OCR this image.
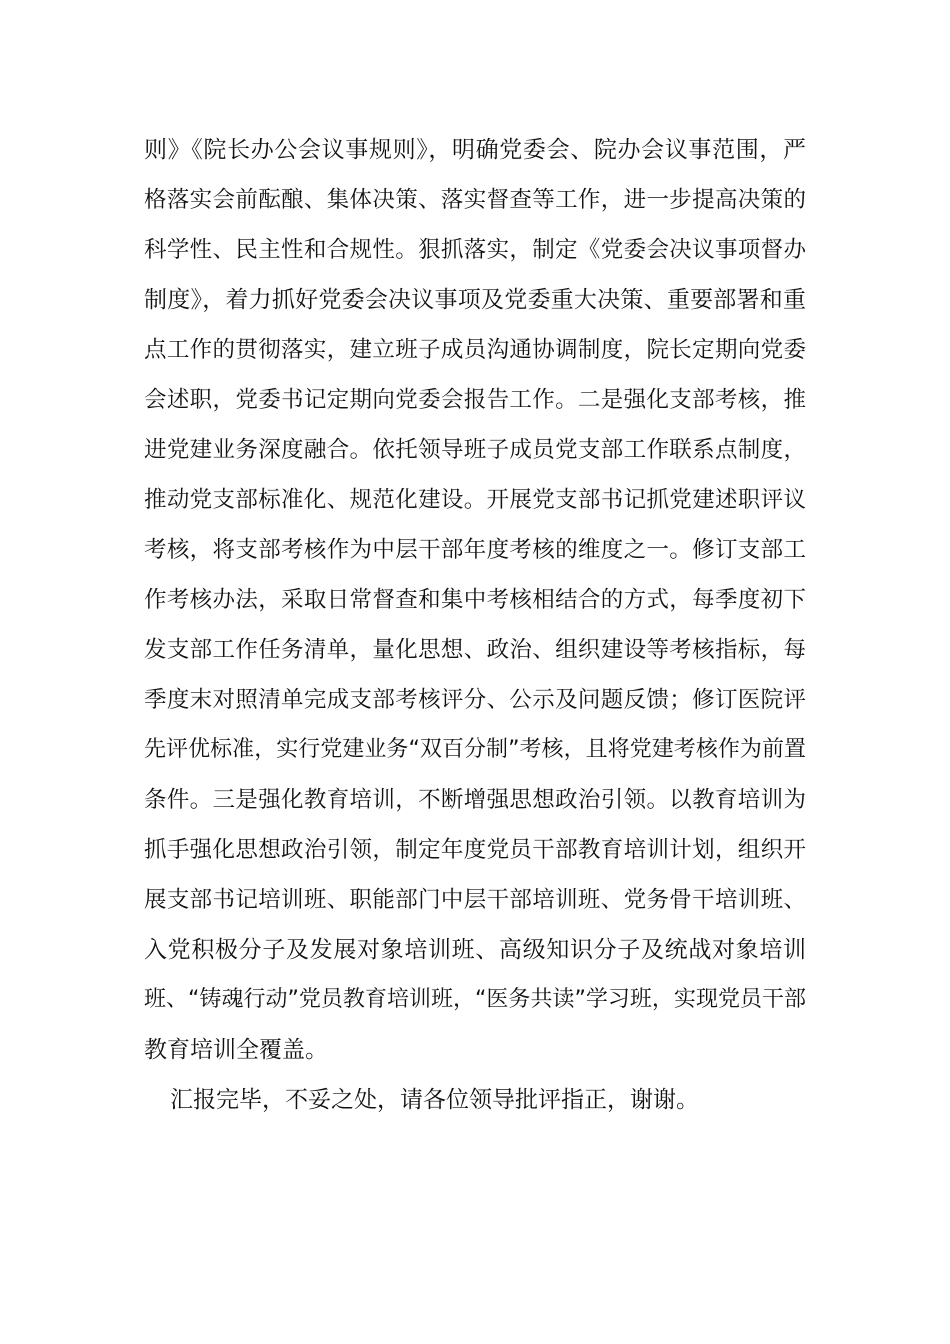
则》《院长办公会议事规则》，明确党委会、院办会议事范围，严
格落实会前酝酿、集体决策、落实督查等工作，进一步提高决策的
科学性、民主性和合规性。狠抓落实，制定《党委会决议事项督办
制度》，着力抓好党委会决议事项及党委重大决策、重要部署和重
点工作的贯彻落实，建立班子成员沟通协调制度，院长定期向党委
会述职，党委书记定期向党委会报告工作。二是强化支部考核，推
进党建业务深度融合。依托领导班子成员党支部工作联系点制度，
推动党支部标准化、规范化建设。开展党支部书记抓党建述职评议
考核，将支部考核作为中层干部年度考核的维度之一。修订支部工
作考核办法，采取日常督查和集中考核相结合的方式，每季度初下
发支部工作任务清单，量化思想、政治、组织建设等考核指标，每
季度末对照清单完成支部考核评分、公示及问题反馈；修订医院评
先评优标准，实行党建业务“双百分制”考核，且将党建考核作为前置
条件。三是强化教育培训，不断增强思想政治引领。以教育培训为
抓手强化思想政治引领，制定年度党员干部教育培训计划，组织开
展支部书记培训班、职能部门中层干部培训班、党务骨干培训班、
入党积极分子及发展对象培训班、高级知识分子及统战对象培训
班、“铸魂行动”党员教育培训班，“医务共读”学习班，实现党员干部
教育培训全覆盖。
汇报完毕，不妥之处，请各位领导批评指正，谢谢。
